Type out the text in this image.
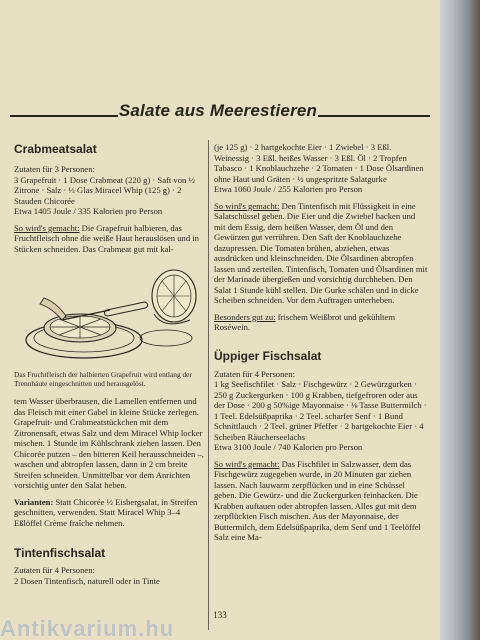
Salate aus Meerestieren
Crabmeatsalat

Zutaten für 3 Personen:

3 Grapefruit · 1 Dose Crabmeat (220 g) · Saft von ½ Zitrone · Salz · ⅓ Glas Miracel Whip (125 g) · 2 Stauden Chicorée

Etwa 1405 Joule / 335 Kalorien pro Person

So wird's gemacht: Die Grapefruit halbieren, das Fruchtfleisch ohne die weiße Haut herauslösen und in Stücken schneiden. Das Crabmeat gut mit kal-

Das Fruchtfleisch der halbierten Grapefruit wird entlang der Trennhäute eingeschnitten und herausgelöst.

tem Wasser überbrausen, die Lamellen entfernen und das Fleisch mit einer Gabel in kleine Stücke zerlegen. Grapefruit- und Crabmeatstückchen mit dem Zitronensaft, etwas Salz und dem Miracel Whip locker mischen. 1 Stunde im Kühlschrank ziehen lassen. Den Chicorée putzen – den bitteren Keil herausschneiden –, waschen und abtropfen lassen, dann in 2 cm breite Streifen schneiden. Unmittelbar vor dem Anrichten vorsichtig unter den Salat heben.

Varianten: Statt Chicorée ½ Eisbergsalat, in Streifen geschnitten, verwenden. Statt Miracel Whip 3–4 Eßlöffel Crème fraîche nehmen.

Tintenfischsalat

Zutaten für 4 Personen:

2 Dosen Tintenfisch, naturell oder in Tinte

(je 125 g) · 2 hartgekochte Eier · 1 Zwiebel · 3 Eßl. Weinessig · 3 Eßl. heißes Wasser · 3 Eßl. Öl · 2 Tropfen Tabasco · 1 Knoblauchzehe · 2 Tomaten · 1 Dose Ölsardinen ohne Haut und Gräten · ½ ungespritzte Salatgurke

Etwa 1060 Joule / 255 Kalorien pro Person

So wird's gemacht: Den Tintenfisch mit Flüssigkeit in eine Salatschüssel geben. Die Eier und die Zwiebel hacken und mit dem Essig, dem heißen Wasser, dem Öl und den Gewürzen gut verrühren. Den Saft der Knoblauchzehe dazupressen. Die Tomaten brühen, abziehen, etwas ausdrücken und kleinschneiden. Die Ölsardinen abtropfen lassen und zerteilen. Tintenfisch, Tomaten und Ölsardinen mit der Marinade übergießen und vorsichtig durchheben. Den Salat 1 Stunde kühl stellen. Die Gurke schälen und in dicke Scheiben schneiden. Vor dem Auftragen unterheben.

Besonders gut zu: frischem Weißbrot und gekühltem Roséwein.

Üppiger Fischsalat

Zutaten für 4 Personen:

1 kg Seefischfilet · Salz · Fischgewürz · 2 Gewürzgurken · 250 g Zuckergurken · 100 g Krabben, tiefgefroren oder aus der Dose · 200 g 50%ige Mayonnaise · ⅛ Tasse Buttermilch · 1 Teel. Edelsüßpaprika · 2 Teel. scharfer Senf · 1 Bund Schnittlauch · 2 Teel. grüner Pfeffer · 2 hartgekochte Eier · 4 Scheiben Räucherseelachs

Etwa 3100 Joule / 740 Kalorien pro Person

So wird's gemacht: Das Fischfilet in Salzwasser, dem das Fischgewürz zugegeben wurde, in 20 Minuten gar ziehen lassen. Nach lauwarm zerpflücken und in eine Schüssel geben. Die Gewürz- und die Zuckergurken feinhacken. Die Krabben auftauen oder abtropfen lassen. Alles gut mit dem zerpflückten Fisch mischen. Aus der Mayonnaise, der Buttermilch, dem Edelsüßpaprika, dem Senf und 1 Teelöffel Salz eine Ma-

133
Antikvarium.hu
